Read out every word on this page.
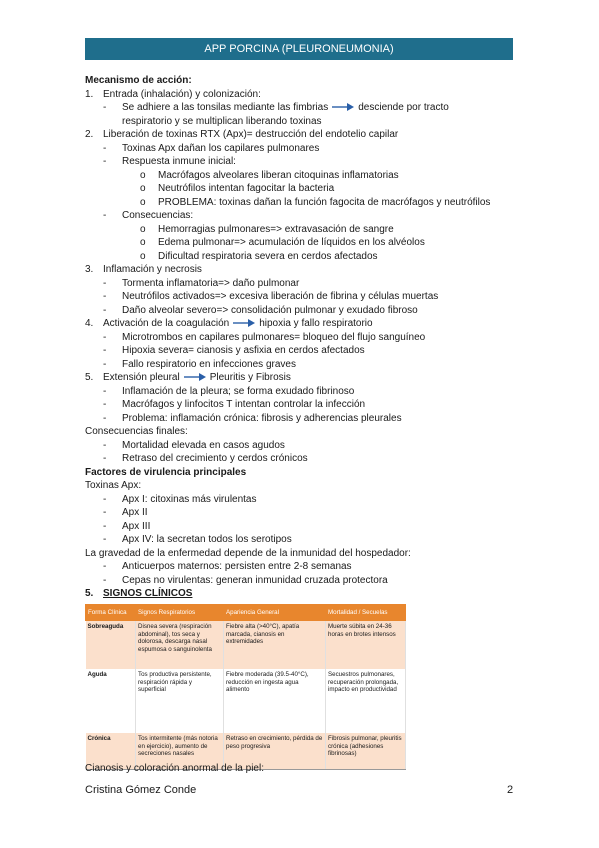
APP PORCINA (PLEURONEUMONIA)
Mecanismo de acción:
1. Entrada (inhalación) y colonización:
- Se adhiere a las tonsilas mediante las fimbrias	desciende por tracto
respiratorio y se multiplican liberando toxinas
2. Liberación de toxinas RTX (Apx)= destrucción del endotelio capilar
- Toxinas Apx dañan los capilares pulmonares
- Respuesta inmune inicial:
o Macrófagos alveolares liberan citoquinas inflamatorias
o Neutrófilos intentan fagocitar la bacteria
o PROBLEMA: toxinas dañan la función fagocita de macrófagos y neutrófilos
- Consecuencias:
o Hemorragias pulmonares=> extravasación de sangre
o Edema pulmonar=> acumulación de líquidos en los alvéolos
o Dificultad respiratoria severa en cerdos afectados
3. Inflamación y necrosis
- Tormenta inflamatoria=> daño pulmonar
- Neutrófilos activados=> excesiva liberación de fibrina y células muertas
- Daño alveolar severo=> consolidación pulmonar y exudado fibroso
4. Activación de la coagulación	hipoxia y fallo respiratorio
- Microtrombos en capilares pulmonares= bloqueo del flujo sanguíneo
- Hipoxia severa= cianosis y asfixia en cerdos afectados
- Fallo respiratorio en infecciones graves
5. Extensión pleural	Pleuritis y Fibrosis
- Inflamación de la pleura; se forma exudado fibrinoso
- Macrófagos y linfocitos T intentan controlar la infección
- Problema: inflamación crónica: fibrosis y adherencias pleurales
Consecuencias finales:
- Mortalidad elevada en casos agudos
- Retraso del crecimiento y cerdos crónicos
Factores de virulencia principales
Toxinas Apx:
- Apx I: citoxinas más virulentas
- Apx II
- Apx III
- Apx IV: la secretan todos los serotipos
La gravedad de la enfermedad depende de la inmunidad del hospedador:
- Anticuerpos maternos: persisten entre 2-8 semanas
- Cepas no virulentas: generan inmunidad cruzada protectora
5. SIGNOS CLÍNICOS
Forma Clínica	Signos Respiratorios	Apariencia General	Mortalidad / Secuelas
Sobreaguda	Disnea severa (respiración abdominal), tos seca y dolorosa, descarga nasal espumosa o sanguinolenta	Fiebre alta (>40°C), apatía marcada, cianosis en extremidades	Muerte súbita en 24-36 horas en brotes intensos
Aguda	Tos productiva persistente, respiración rápida y superficial	Fiebre moderada (39.5-40°C), reducción en ingesta agua alimento	Secuestros pulmonares, recuperación prolongada, impacto en productividad
Crónica	Tos intermitente (más notoria en ejercicio), aumento de secreciones nasales	Retraso en crecimiento, pérdida de peso progresiva	Fibrosis pulmonar, pleuritis crónica (adhesiones fibrinosas)
Cianosis y coloración anormal de la piel:
Cristina Gómez Conde	2
